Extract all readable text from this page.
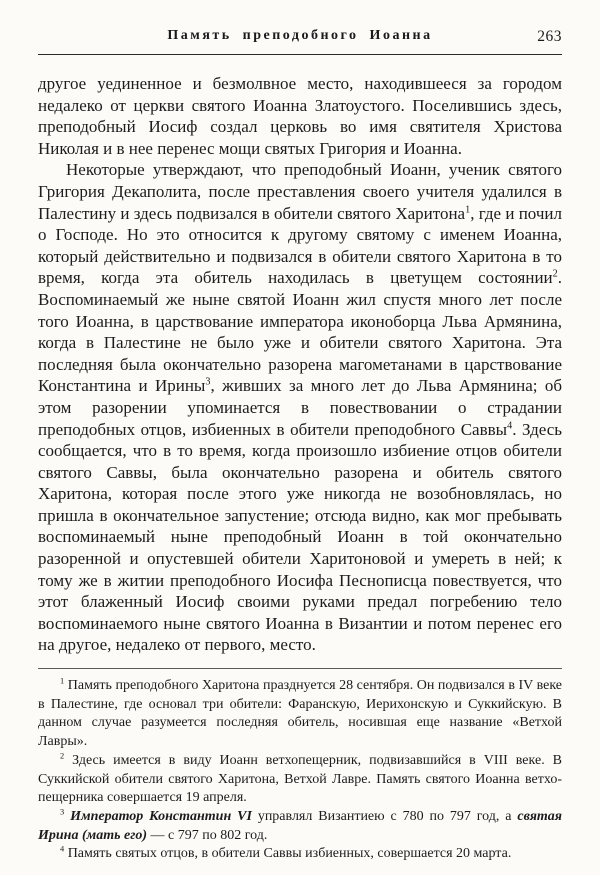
Память преподобного Иоанна	263

другое уединенное и безмолвное место, находившееся за городом недалеко от церкви святого Иоанна Златоустого. Поселившись здесь, преподобный Иосиф создал церковь во имя святителя Христова Николая и в нее перенес мощи святых Григория и Иоанна.

Некоторые утверждают, что преподобный Иоанн, ученик святого Григория Декаполита, после преставления своего учителя удалился в Палестину и здесь подвизался в обители святого Харитона$^1$, где и почил о Господе. Но это относится к другому святому с именем Иоанна, который действительно и подвизался в обители святого Харитона в то время, когда эта обитель находилась в цветущем состоянии$^2$. Воспоминаемый же ныне святой Иоанн жил спустя много лет после того Иоанна, в царствование императора иконоборца Льва Армянина, когда в Палестине не было уже и обители святого Харитона. Эта последняя была окончательно разорена магометанами в царствование Константина и Ирины$^3$, живших за много лет до Льва Армянина; об этом разорении упоминается в повествовании о страдании преподобных отцов, избиенных в обители преподобного Саввы$^4$. Здесь сообщается, что в то время, когда произошло избиение отцов обители святого Саввы, была окончательно разорена и обитель святого Харитона, которая после этого уже никогда не возобновлялась, но пришла в окончательное запустение; отсюда видно, как мог пребывать воспоминаемый ныне преподобный Иоанн в той окончательно разоренной и опустевшей обители Харитоновой и умереть в ней; к тому же в житии преподобного Иосифа Песнописца повествуется, что этот блаженный Иосиф своими руками предал погребению тело воспоминаемого ныне святого Иоанна в Византии и потом перенес его на другое, недалеко от первого, место.

$^1$ Память преподобного Харитона празднуется 28 сентября. Он подвизался в IV веке в Палестине, где основал три обители: Фаранскую, Иерихонскую и Суккийскую. В данном случае разумеется последняя обитель, носившая еще название «Ветхой Лавры».

$^2$ Здесь имеется в виду Иоанн ветхопещерник, подвизавшийся в VIII веке. В Суккийской обители святого Харитона, Ветхой Лавре. Память святого Иоанна ветхо-пещерника совершается 19 апреля.

$^3$ Император Константин VI управлял Византиею с 780 по 797 год, а святая Ирина (мать его) — с 797 по 802 год.

$^4$ Память святых отцов, в обители Саввы избиенных, совершается 20 марта.
